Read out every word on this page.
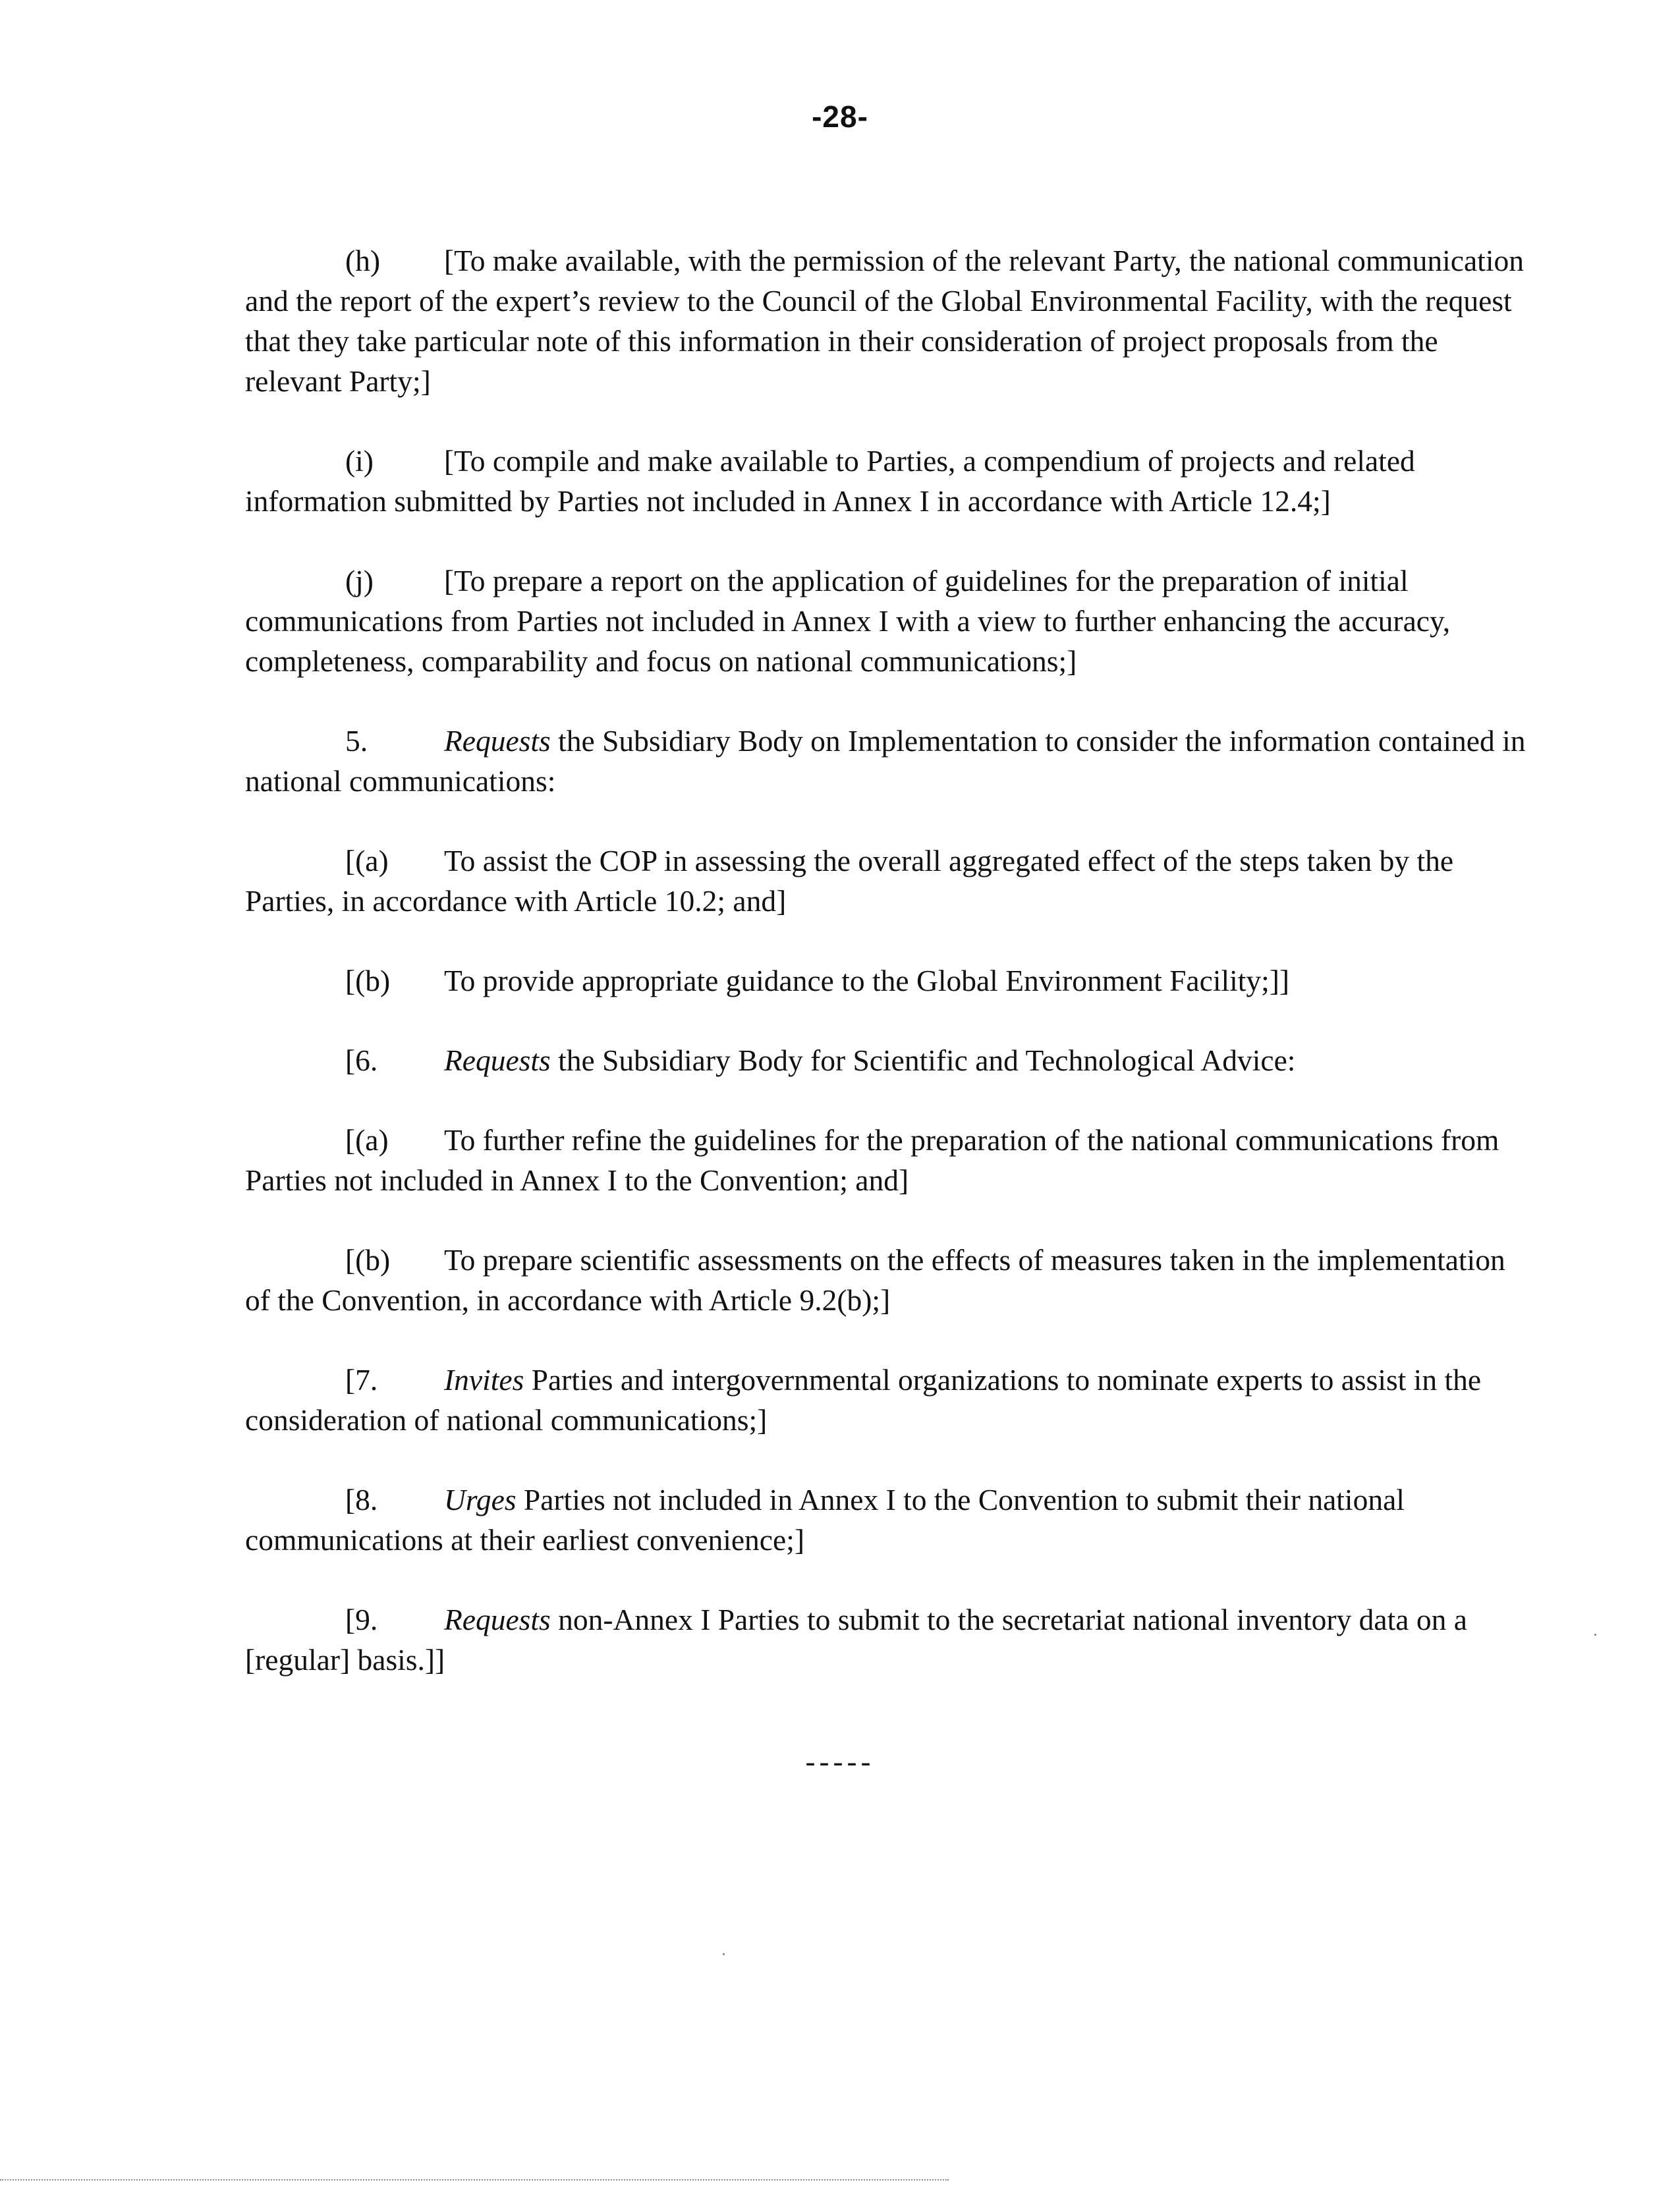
-28-

(h) [To make available, with the permission of the relevant Party, the national communication and the report of the expert’s review to the Council of the Global Environmental Facility, with the request that they take particular note of this information in their consideration of project proposals from the relevant Party;]

(i) [To compile and make available to Parties, a compendium of projects and related information submitted by Parties not included in Annex I in accordance with Article 12.4;]

(j) [To prepare a report on the application of guidelines for the preparation of initial communications from Parties not included in Annex I with a view to further enhancing the accuracy, completeness, comparability and focus on national communications;]

5.	Requests the Subsidiary Body on Implementation to consider the information contained in national communications:

[(a) To assist the COP in assessing the overall aggregated effect of the steps taken by the Parties, in accordance with Article 10.2; and]

[(b) To provide appropriate guidance to the Global Environment Facility;]]

[6. Requests the Subsidiary Body for Scientific and Technological Advice:

[(a) To further refine the guidelines for the preparation of the national communications from Parties not included in Annex I to the Convention; and]

[(b) To prepare scientific assessments on the effects of measures taken in the implementation of the Convention, in accordance with Article 9.2(b);]

[7. Invites Parties and intergovernmental organizations to nominate experts to assist in the consideration of national communications;]

[8. Urges Parties not included in Annex I to the Convention to submit their national communications at their earliest convenience;]

[9. Requests non-Annex I Parties to submit to the secretariat national inventory data on a [regular] basis.]]

-----
